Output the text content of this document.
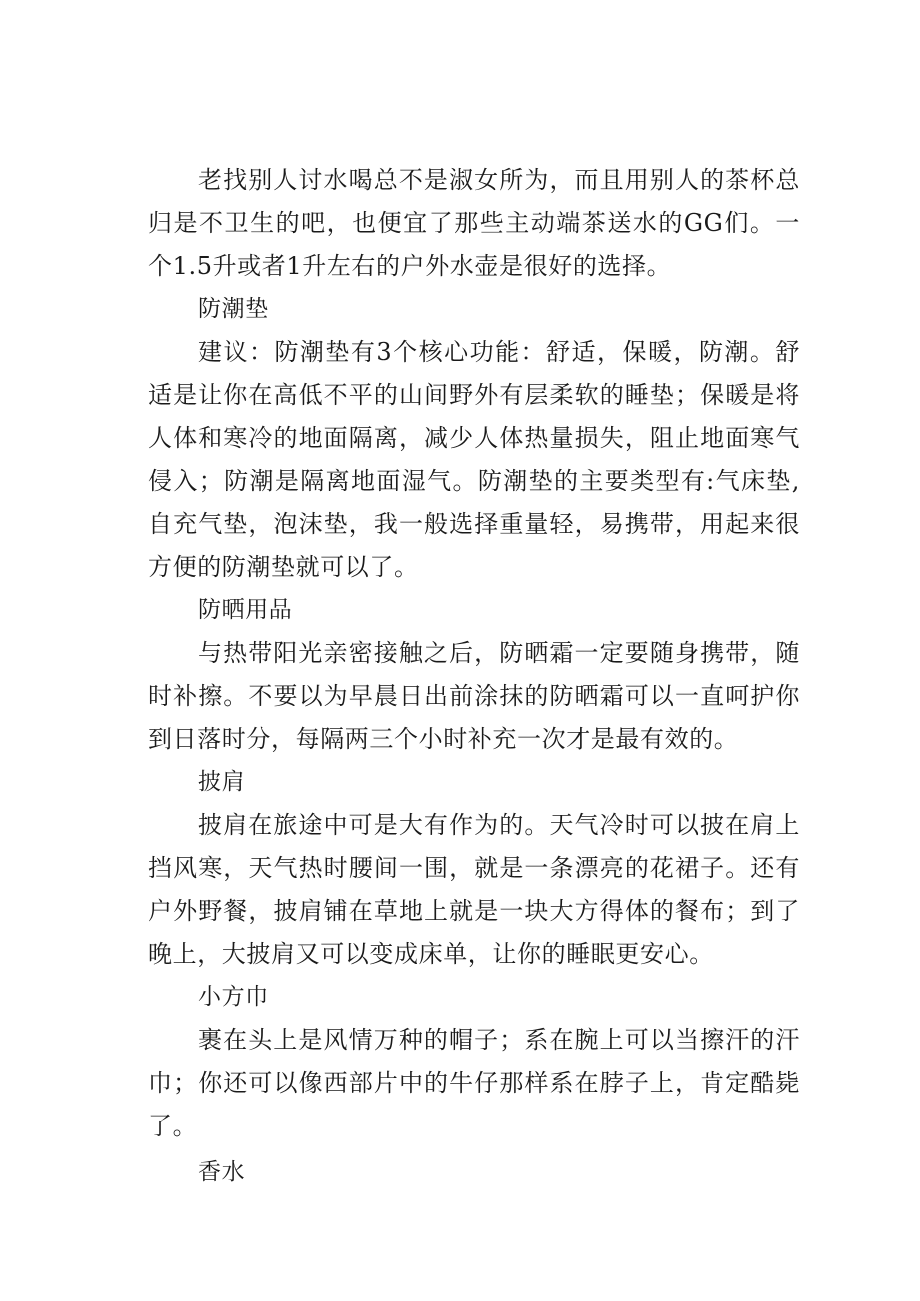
老找别人讨水喝总不是淑女所为，而且用别人的茶杯总归是不卫生的吧，也便宜了那些主动端茶送水的GG们。一个1.5升或者1升左右的户外水壶是很好的选择。

防潮垫

建议：防潮垫有3个核心功能：舒适，保暖，防潮。舒适是让你在高低不平的山间野外有层柔软的睡垫；保暖是将人体和寒冷的地面隔离，减少人体热量损失，阻止地面寒气侵入；防潮是隔离地面湿气。防潮垫的主要类型有:气床垫,自充气垫，泡沫垫，我一般选择重量轻，易携带，用起来很方便的防潮垫就可以了。

防晒用品

与热带阳光亲密接触之后，防晒霜一定要随身携带，随时补擦。不要以为早晨日出前涂抹的防晒霜可以一直呵护你到日落时分，每隔两三个小时补充一次才是最有效的。

披肩

披肩在旅途中可是大有作为的。天气冷时可以披在肩上挡风寒，天气热时腰间一围，就是一条漂亮的花裙子。还有户外野餐，披肩铺在草地上就是一块大方得体的餐布；到了晚上，大披肩又可以变成床单，让你的睡眠更安心。

小方巾

裹在头上是风情万种的帽子；系在腕上可以当擦汗的汗巾；你还可以像西部片中的牛仔那样系在脖子上，肯定酷毙了。

香水
